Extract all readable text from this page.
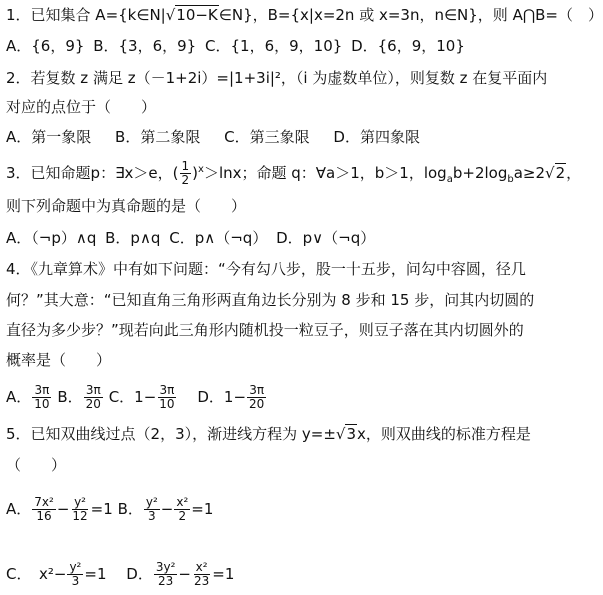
1．已知集合 A={k∈N|√10−K∈N}，B={x|x=2n 或 x=3n，n∈N}，则 A⋂B=（　 ）
A．{6，9} B．{3，6，9} C．{1，6，9，10} D．{6，9，10}
2．若复数 z 满足 z（－1+2i）=|1+3i|²，（i 为虚数单位），则复数 z 在复平面内
对应的点位于（　　）
A．第一象限　 B．第二象限　 C．第三象限　 D．第四象限
3．已知命题p：∃x＞e，( $\frac{1}{2} )^x>\ln x$；命题 q：∀a＞1，b＞1，$\log_ab+2\log_ba\ge 2√2$，
则下列命题中为真命题的是（　　）
A．（¬p）∧q B．p∧q C．p∧（¬q） D．p∨（¬q）
4．《九章算术》中有如下问题：“今有勾八步，股一十五步，问勾中容圆，径几
何？”其大意：“已知直角三角形两直角边长分别为 8 步和 15 步，问其内切圆的
直径为多少步？”现若向此三角形内随机投一粒豆子，则豆子落在其内切圆外的
概率是（　　）
A． $\frac{3\pi}{10}$ B． $\frac{3\pi}{20}$ C．$1- \frac{3\pi}{10}$
　 D．$1- \frac{3\pi}{20}$
5．已知双曲线过点（2，3），渐进线方程为 y=±√3x，则双曲线的标准方程是
（　　）
A． $\frac{\text{7x²}}{16} - \frac{\text{y²}}{12} =1$ B． $\frac{\text{y²}}{3} - \frac{\text{x²}}{2} =1$
C．  $x^2- \frac{\text{y²}}{3} =1$　 D． $\frac{\text{3y²}}{23} - \frac{\text{x²}}{23} =1$
